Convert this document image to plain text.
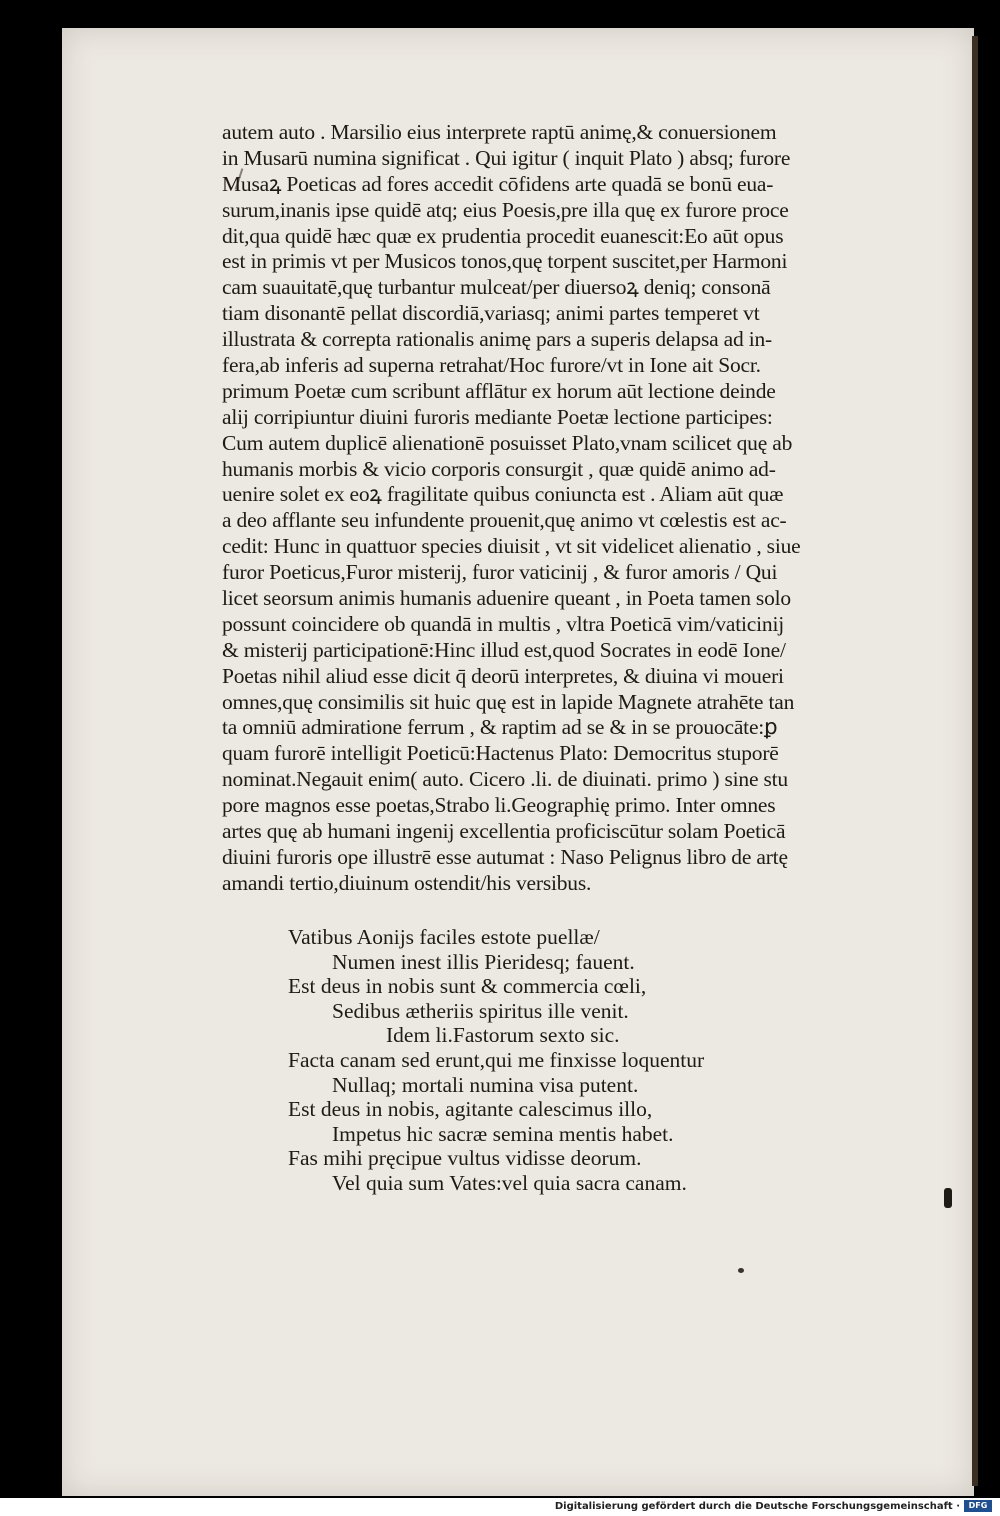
autem auto . Marsilio eius interprete raptū animę,& conuersionem
in Musarū numina significat . Qui igitur ( inquit Plato ) absq; furore
Musaꝝ Poeticas ad fores accedit cōfidens arte quadā se bonū eua-
surum,inanis ipse quidē atq; eius Poesis,pre illa quę ex furore proce
dit,qua quidē hæc quæ ex prudentia procedit euanescit:Eo aūt opus
est in primis vt per Musicos tonos,quę torpent suscitet,per Harmoni
cam suauitatē,quę turbantur mulceat/per diuersoꝝ deniq; consonā
tiam disonantē pellat discordiā,variasq; animi partes temperet vt
illustrata & correpta rationalis animę pars a superis delapsa ad in-
fera,ab inferis ad superna retrahat/Hoc furore/vt in Ione ait Socr.
primum Poetæ cum scribunt afflātur ex horum aūt lectione deinde
alij corripiuntur diuini furoris mediante Poetæ lectione participes:
Cum autem duplicē alienationē posuisset Plato,vnam scilicet quę ab
humanis morbis & vicio corporis consurgit , quæ quidē animo ad-
uenire solet ex eoꝝ fragilitate quibus coniuncta est . Aliam aūt quæ
a deo afflante seu infundente prouenit,quę animo vt cœlestis est ac-
cedit: Hunc in quattuor species diuisit , vt sit videlicet alienatio , siue
furor Poeticus,Furor misterij, furor vaticinij , & furor amoris / Qui
licet seorsum animis humanis aduenire queant , in Poeta tamen solo
possunt coincidere ob quandā in multis , vltra Poeticā vim/vaticinij
& misterij participationē:Hinc illud est,quod Socrates in eodē Ione/
Poetas nihil aliud esse dicit q̄ deorū interpretes, & diuina vi moueri
omnes,quę consimilis sit huic quę est in lapide Magnete atrahēte tan
ta omniū admiratione ferrum , & raptim ad se & in se prouocāte:ꝑ
quam furorē intelligit Poeticū:Hactenus Plato: Democritus stuporē
nominat.Negauit enim( auto. Cicero .li. de diuinati. primo ) sine stu
pore magnos esse poetas,Strabo li.Geographię primo. Inter omnes
artes quę ab humani ingenij excellentia proficiscūtur solam Poeticā
diuini furoris ope illustrē esse autumat : Naso Pelignus libro de artę
amandi tertio,diuinum ostendit/his versibus.
Vatibus Aonijs faciles estote puellæ/
Numen inest illis Pieridesq; fauent.
Est deus in nobis sunt & commercia cœli,
Sedibus ætheriis spiritus ille venit.
Idem li.Fastorum sexto sic.
Facta canam sed erunt,qui me finxisse loquentur
Nullaq; mortali numina visa putent.
Est deus in nobis, agitante calescimus illo,
Impetus hic sacræ semina mentis habet.
Fas mihi pręcipue vultus vidisse deorum.
Vel quia sum Vates:vel quia sacra canam.
Digitalisierung gefördert durch die Deutsche Forschungsgemeinschaft ·	DFG
